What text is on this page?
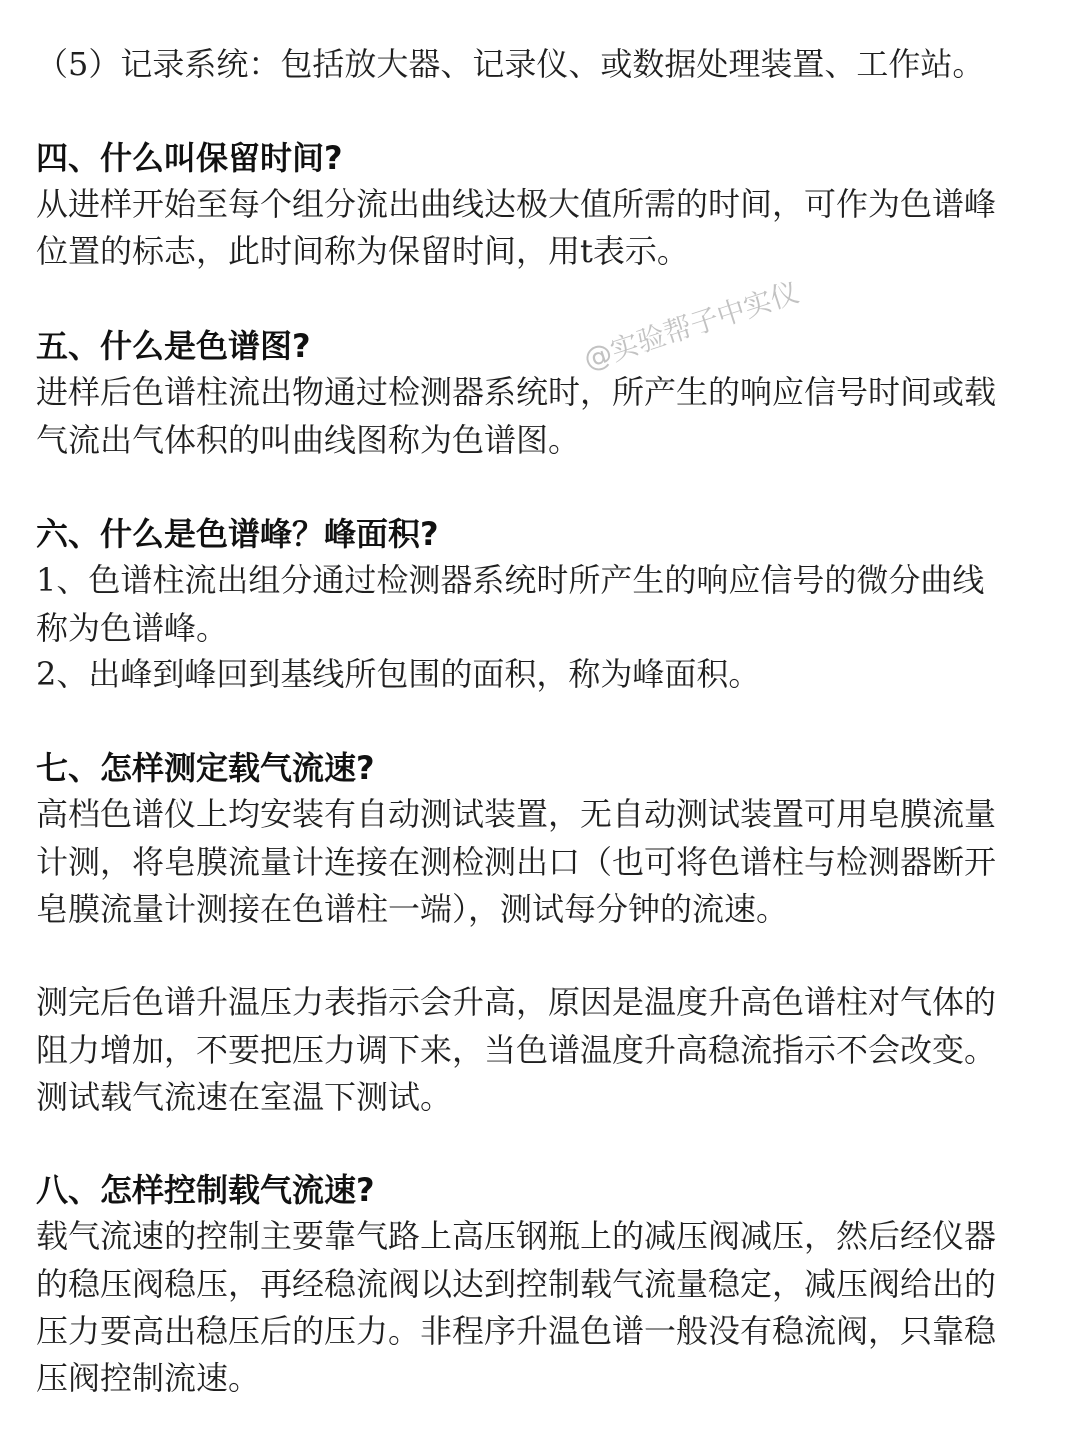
（5）记录系统：包括放大器、记录仪、或数据处理装置、工作站。
四、什么叫保留时间?
从进样开始至每个组分流出曲线达极大值所需的时间，可作为色谱峰
位置的标志，此时间称为保留时间，用t表示。
五、什么是色谱图?
进样后色谱柱流出物通过检测器系统时，所产生的响应信号时间或载
气流出气体积的叫曲线图称为色谱图。
六、什么是色谱峰？峰面积?
1、色谱柱流出组分通过检测器系统时所产生的响应信号的微分曲线
称为色谱峰。
2、出峰到峰回到基线所包围的面积，称为峰面积。
七、怎样测定载气流速?
高档色谱仪上均安装有自动测试装置，无自动测试装置可用皂膜流量
计测，将皂膜流量计连接在测检测出口（也可将色谱柱与检测器断开
皂膜流量计测接在色谱柱一端），测试每分钟的流速。
测完后色谱升温压力表指示会升高，原因是温度升高色谱柱对气体的
阻力增加，不要把压力调下来，当色谱温度升高稳流指示不会改变。
测试载气流速在室温下测试。
八、怎样控制载气流速?
载气流速的控制主要靠气路上高压钢瓶上的减压阀减压，然后经仪器
的稳压阀稳压，再经稳流阀以达到控制载气流量稳定，减压阀给出的
压力要高出稳压后的压力。非程序升温色谱一般没有稳流阀，只靠稳
压阀控制流速。
@实验帮子中实仪
